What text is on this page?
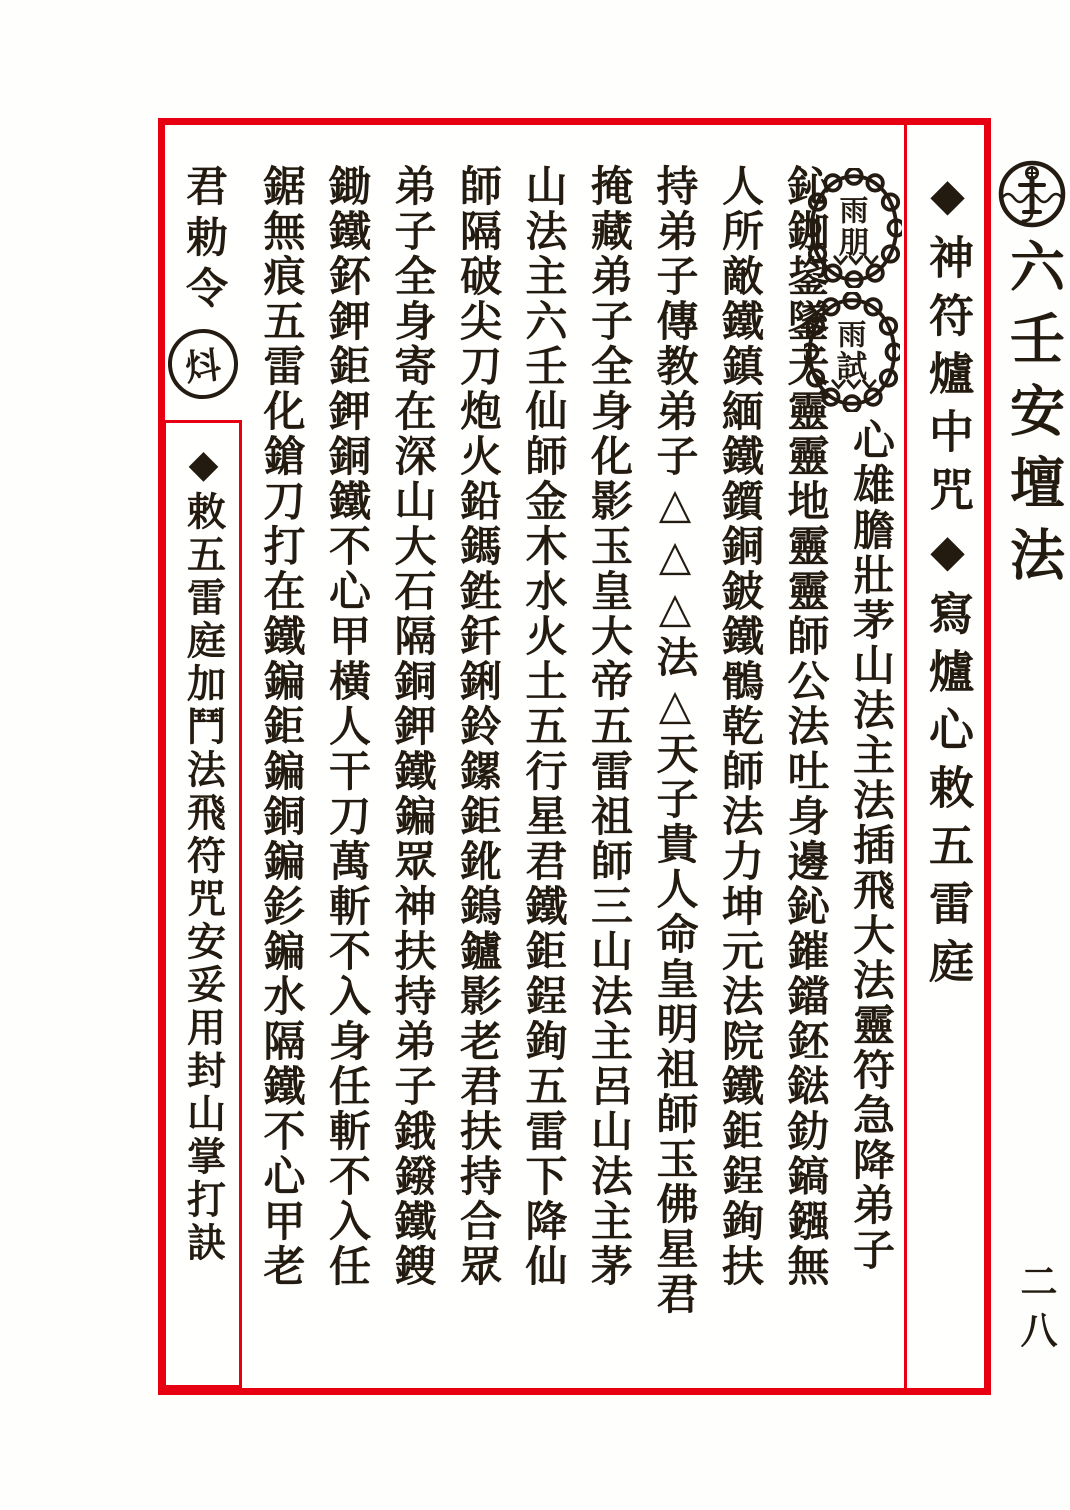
六壬安壇法
二八
◆神符爐中咒◆寫爐心敕五雷庭
雨
朋
雨
試
心雄膽壯茅山法主法插飛大法靈符急降弟子
鈊鉫鋆鐆天靈靈地靈靈師公法吐身邊鈊鏙鐺鉟鍅釛鎬鏹無
人所敵鐵鎮緬鐵鑕銅鈹鐵鶻乾師法力坤元法院鐵鉅鋥銁扶
持弟子傳教弟子△△△法△天子貴人命皇明祖師玉佛星君
掩藏弟子全身化影玉皇大帝五雷祖師三山法主呂山法主茅
山法主六壬仙師金木水火土五行星君鐵鉅鋥銁五雷下降仙
師隔破尖刀炮火鉛鎷鉎釺鋓鈴鏍鉅鈋鎢鑪影老君扶持合眾
弟子全身寄在深山大石隔銅鉀鐵鍽眾神扶持弟子鋨鏺鐵鎪
鋤鐵鈈鉀鉅鉀銅鐵不心甲橫人干刀萬斬不入身任斬不入任
鋸無痕五雷化鎗刀打在鐵鍽鉅鍽銅鍽釤鍽水隔鐵不心甲老
君勅令
炓
◆敕五雷庭加鬥法飛符咒安妥用封山掌打訣
